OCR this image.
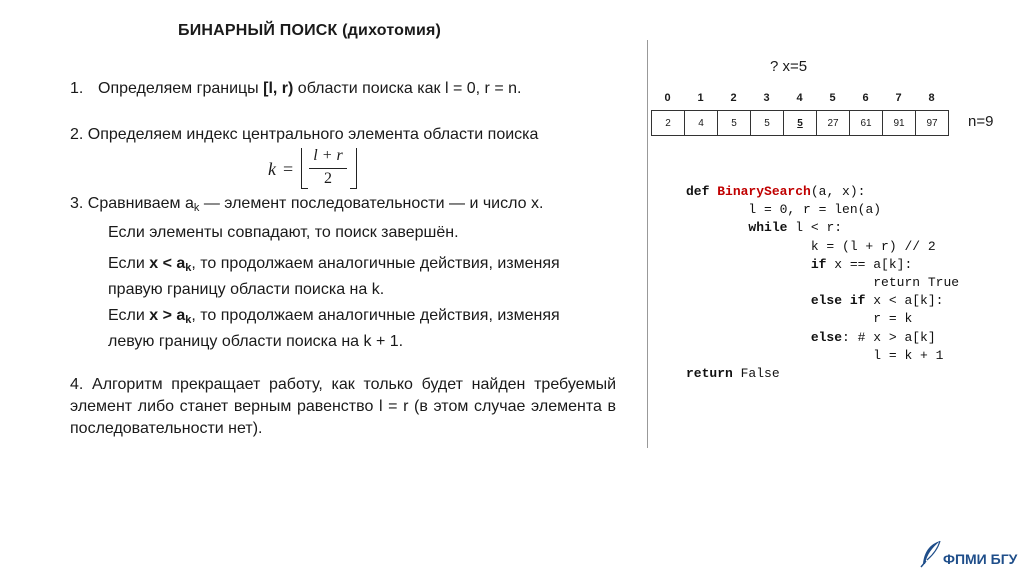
БИНАРНЫЙ ПОИСК (дихотомия)
1. Определяем границы [l, r) области поиска как l = 0, r = n.
2. Определяем индекс центрального элемента области поиска
k =
l + r
2
3. Сравниваем $a_k$ — элемент последовательности — и число x.
Если элементы совпадают, то поиск завершён.
Если $x < a_k$, то продолжаем аналогичные действия, изменяя правую границу области поиска на k.
Если $x > a_k$, то продолжаем аналогичные действия, изменяя левую границу области поиска на k + 1.
4. Алгоритм прекращает работу, как только будет найден требуемый элемент либо станет верным равенство l = r (в этом случае элемента в последовательности нет).
? x=5
0	1	2	3	4	5	6	7	8
2	4	5	5	5	27	61	91	97	n=9
def BinarySearch(a, x):
l = 0, r = len(a)
while l < r:
k = (l + r) // 2
if x == a[k]:
return True
else if x < a[k]:
r = k
else: # x > a[k]
l = k + 1
return False
ФПМИ БГУ
